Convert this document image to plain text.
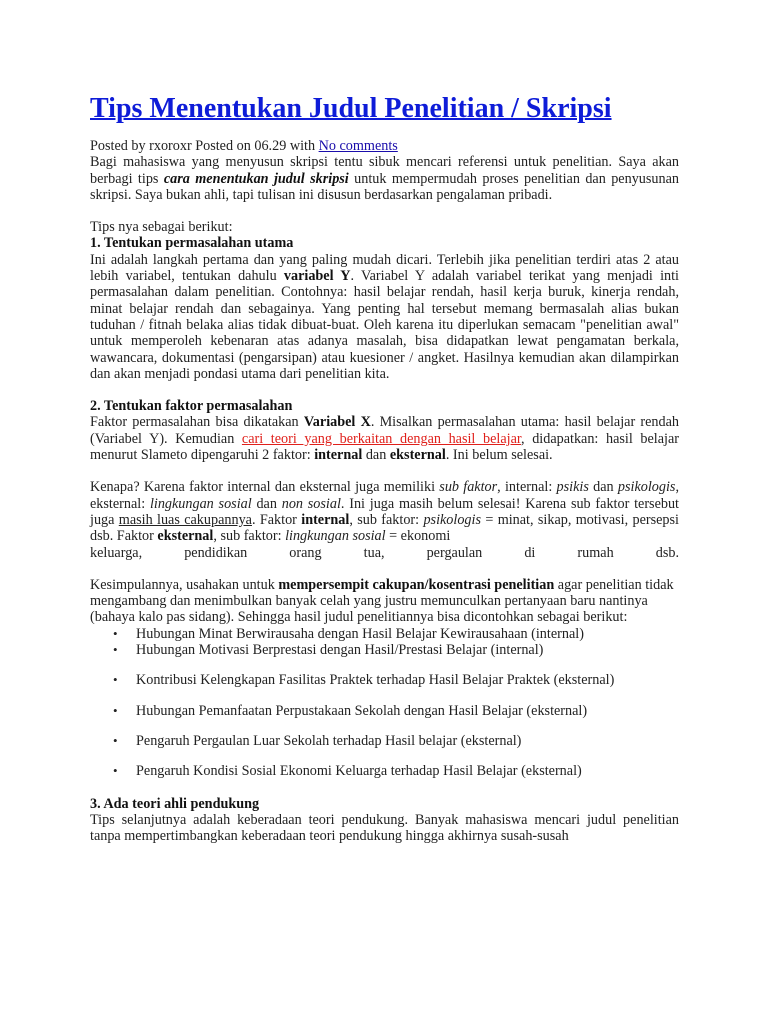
Tips Menentukan Judul Penelitian / Skripsi

Posted by rxoroxr Posted on 06.29 with No comments

Bagi mahasiswa yang menyusun skripsi tentu sibuk mencari referensi untuk penelitian. Saya akan berbagi tips cara menentukan judul skripsi untuk mempermudah proses penelitian dan penyusunan skripsi. Saya bukan ahli, tapi tulisan ini disusun berdasarkan pengalaman pribadi.

Tips nya sebagai berikut:

1. Tentukan permasalahan utama

Ini adalah langkah pertama dan yang paling mudah dicari. Terlebih jika penelitian terdiri atas 2 atau lebih variabel, tentukan dahulu variabel Y. Variabel Y adalah variabel terikat yang menjadi inti permasalahan dalam penelitian. Contohnya: hasil belajar rendah, hasil kerja buruk, kinerja rendah, minat belajar rendah dan sebagainya. Yang penting hal tersebut memang bermasalah alias bukan tuduhan / fitnah belaka alias tidak dibuat-buat. Oleh karena itu diperlukan semacam "penelitian awal" untuk memperoleh kebenaran atas adanya masalah, bisa didapatkan lewat pengamatan berkala, wawancara, dokumentasi (pengarsipan) atau kuesioner / angket. Hasilnya kemudian akan dilampirkan dan akan menjadi pondasi utama dari penelitian kita.

2. Tentukan faktor permasalahan

Faktor permasalahan bisa dikatakan Variabel X. Misalkan permasalahan utama: hasil belajar rendah (Variabel Y). Kemudian cari teori yang berkaitan dengan hasil belajar, didapatkan: hasil belajar menurut Slameto dipengaruhi 2 faktor: internal dan eksternal. Ini belum selesai.

Kenapa? Karena faktor internal dan eksternal juga memiliki sub faktor, internal: psikis dan psikologis, eksternal: lingkungan sosial dan non sosial. Ini juga masih belum selesai! Karena sub faktor tersebut juga masih luas cakupannya. Faktor internal, sub faktor: psikologis = minat, sikap, motivasi, persepsi dsb. Faktor eksternal, sub faktor: lingkungan sosial = ekonomi

keluarga, pendidikan orang tua, pergaulan di rumah dsb.

Kesimpulannya, usahakan untuk mempersempit cakupan/kosentrasi penelitian agar penelitian tidak mengambang dan menimbulkan banyak celah yang justru memunculkan pertanyaan baru nantinya (bahaya kalo pas sidang). Sehingga hasil judul penelitiannya bisa dicontohkan sebagai berikut:

• Hubungan Minat Berwirausaha dengan Hasil Belajar Kewirausahaan (internal)
• Hubungan Motivasi Berprestasi dengan Hasil/Prestasi Belajar (internal)
• Kontribusi Kelengkapan Fasilitas Praktek terhadap Hasil Belajar Praktek (eksternal)
• Hubungan Pemanfaatan Perpustakaan Sekolah dengan Hasil Belajar (eksternal)
• Pengaruh Pergaulan Luar Sekolah terhadap Hasil belajar (eksternal)
• Pengaruh Kondisi Sosial Ekonomi Keluarga terhadap Hasil Belajar (eksternal)

3. Ada teori ahli pendukung

Tips selanjutnya adalah keberadaan teori pendukung. Banyak mahasiswa mencari judul penelitian tanpa mempertimbangkan keberadaan teori pendukung hingga akhirnya susah-susah
